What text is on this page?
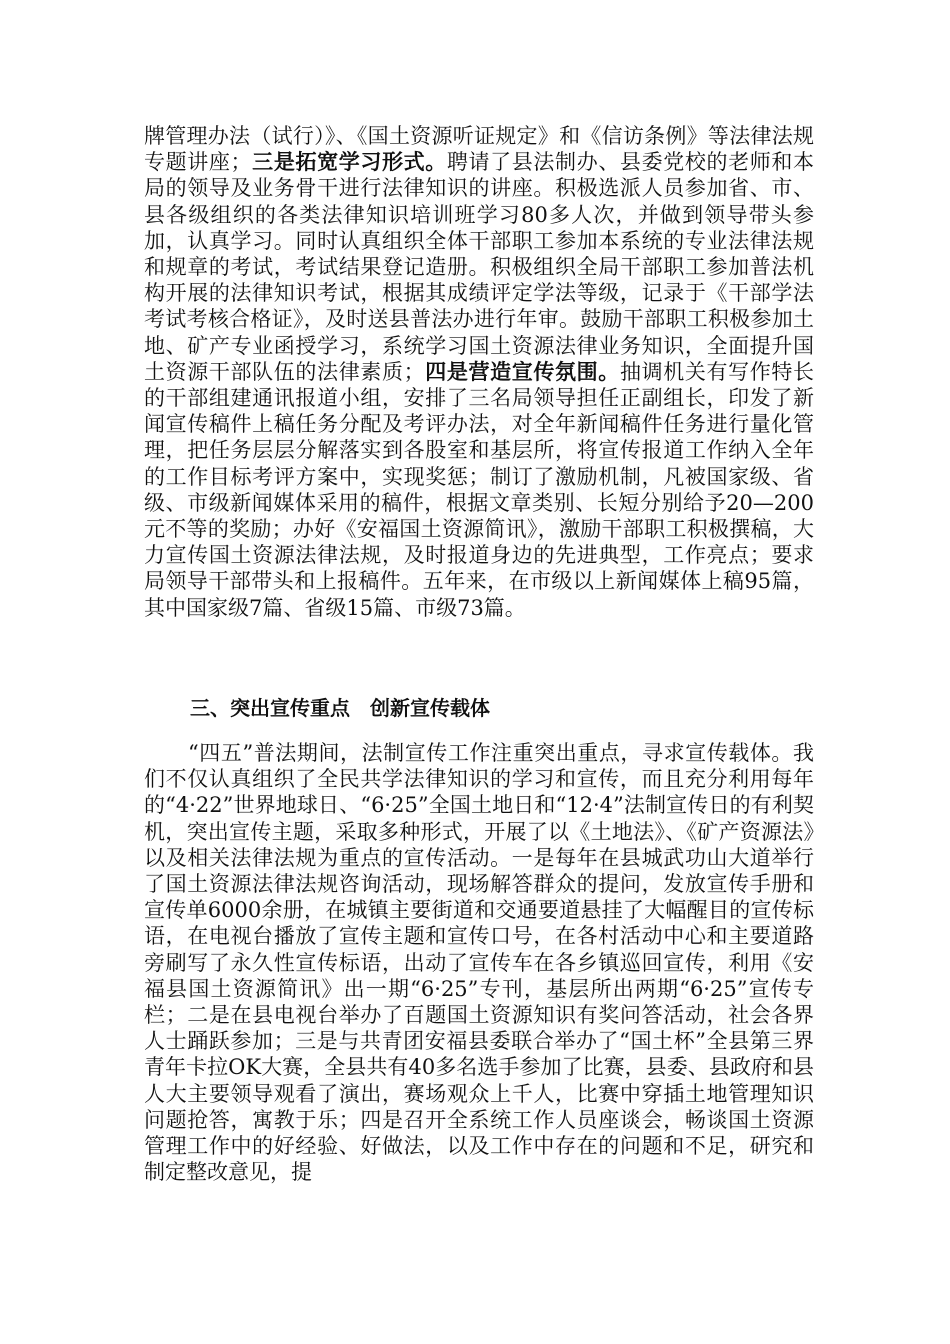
牌管理办法（试行）》、《国土资源听证规定》和《信访条例》等法律法规专题讲座；三是拓宽学习形式。聘请了县法制办、县委党校的老师和本局的领导及业务骨干进行法律知识的讲座。积极选派人员参加省、市、县各级组织的各类法律知识培训班学习80多人次，并做到领导带头参加，认真学习。同时认真组织全体干部职工参加本系统的专业法律法规和规章的考试，考试结果登记造册。积极组织全局干部职工参加普法机构开展的法律知识考试，根据其成绩评定学法等级，记录于《干部学法考试考核合格证》，及时送县普法办进行年审。鼓励干部职工积极参加土地、矿产专业函授学习，系统学习国土资源法律业务知识，全面提升国土资源干部队伍的法律素质；四是营造宣传氛围。抽调机关有写作特长的干部组建通讯报道小组，安排了三名局领导担任正副组长，印发了新闻宣传稿件上稿任务分配及考评办法，对全年新闻稿件任务进行量化管理，把任务层层分解落实到各股室和基层所，将宣传报道工作纳入全年的工作目标考评方案中，实现奖惩；制订了激励机制，凡被国家级、省级、市级新闻媒体采用的稿件，根据文章类别、长短分别给予20—200元不等的奖励；办好《安福国土资源简讯》，激励干部职工积极撰稿，大力宣传国土资源法律法规，及时报道身边的先进典型，工作亮点；要求局领导干部带头和上报稿件。五年来，在市级以上新闻媒体上稿95篇，其中国家级7篇、省级15篇、市级73篇。

三、突出宣传重点　创新宣传载体

“四五”普法期间，法制宣传工作注重突出重点，寻求宣传载体。我们不仅认真组织了全民共学法律知识的学习和宣传，而且充分利用每年的“4·22”世界地球日、“6·25”全国土地日和“12·4”法制宣传日的有利契机，突出宣传主题，采取多种形式，开展了以《土地法》、《矿产资源法》以及相关法律法规为重点的宣传活动。一是每年在县城武功山大道举行了国土资源法律法规咨询活动，现场解答群众的提问，发放宣传手册和宣传单6000余册，在城镇主要街道和交通要道悬挂了大幅醒目的宣传标语，在电视台播放了宣传主题和宣传口号，在各村活动中心和主要道路旁刷写了永久性宣传标语，出动了宣传车在各乡镇巡回宣传，利用《安福县国土资源简讯》出一期“6·25”专刊，基层所出两期“6·25”宣传专栏；二是在县电视台举办了百题国土资源知识有奖问答活动，社会各界人士踊跃参加；三是与共青团安福县委联合举办了“国土杯”全县第三界青年卡拉OK大赛，全县共有40多名选手参加了比赛，县委、县政府和县人大主要领导观看了演出，赛场观众上千人，比赛中穿插土地管理知识问题抢答，寓教于乐；四是召开全系统工作人员座谈会，畅谈国土资源管理工作中的好经验、好做法，以及工作中存在的问题和不足，研究和制定整改意见，提
